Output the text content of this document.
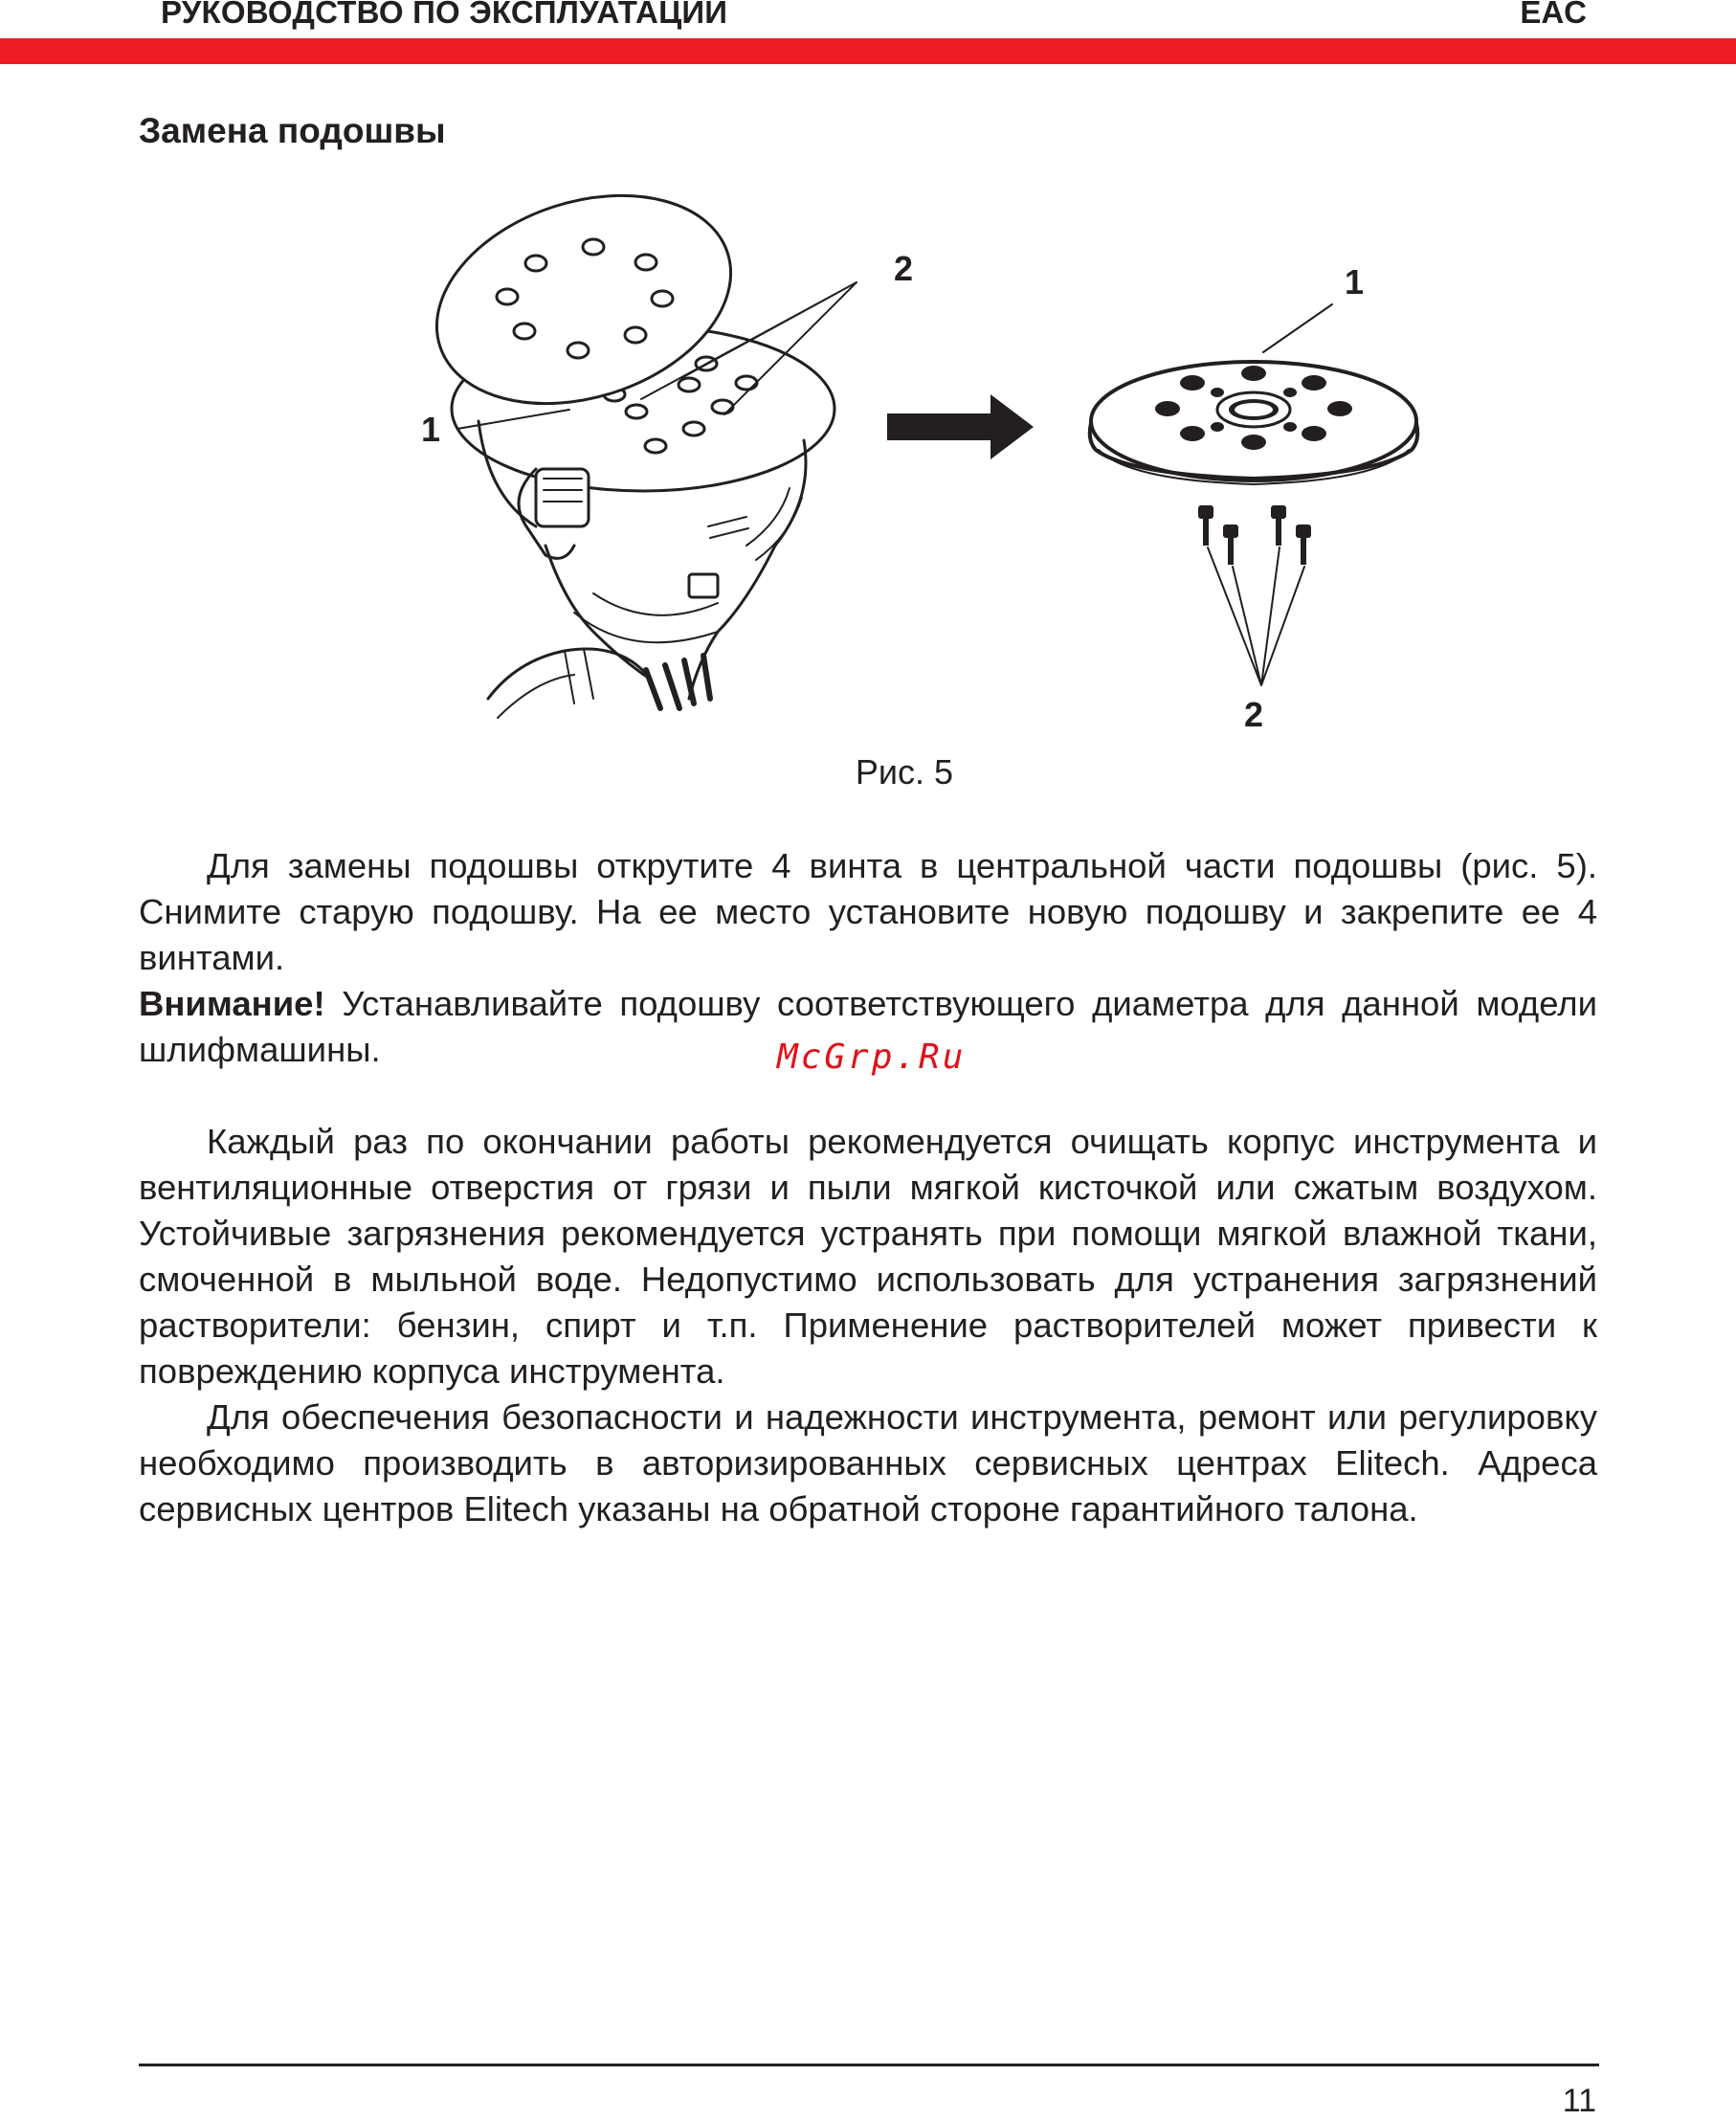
РУКОВОДСТВО ПО ЭКСПЛУАТАЦИИ	EAC
Замена подошвы
1
2	1
2
Рис. 5

Для замены подошвы открутите 4 винта в центральной части подошвы (рис. 5). Снимите старую подошву. На ее место установите новую подошву и закрепите ее 4 винтами.

Внимание! Устанавливайте подошву соответствующего диаметра для данной модели шлифмашины.	McGrp.Ru

Каждый раз по окончании работы рекомендуется очищать корпус инструмента и вентиляционные отверстия от грязи и пыли мягкой кисточкой или сжатым воздухом. Устойчивые загрязнения рекомендуется устранять при помощи мягкой влажной ткани, смоченной в мыльной воде. Недопустимо использовать для устранения загрязнений растворители: бензин, спирт и т.п. Применение растворителей может привести к повреждению корпуса инструмента.

Для обеспечения безопасности и надежности инструмента, ремонт или регулировку необходимо производить в авторизированных сервисных центрах Elitech. Адреса сервисных центров Elitech указаны на обратной стороне гарантийного талона.

11
